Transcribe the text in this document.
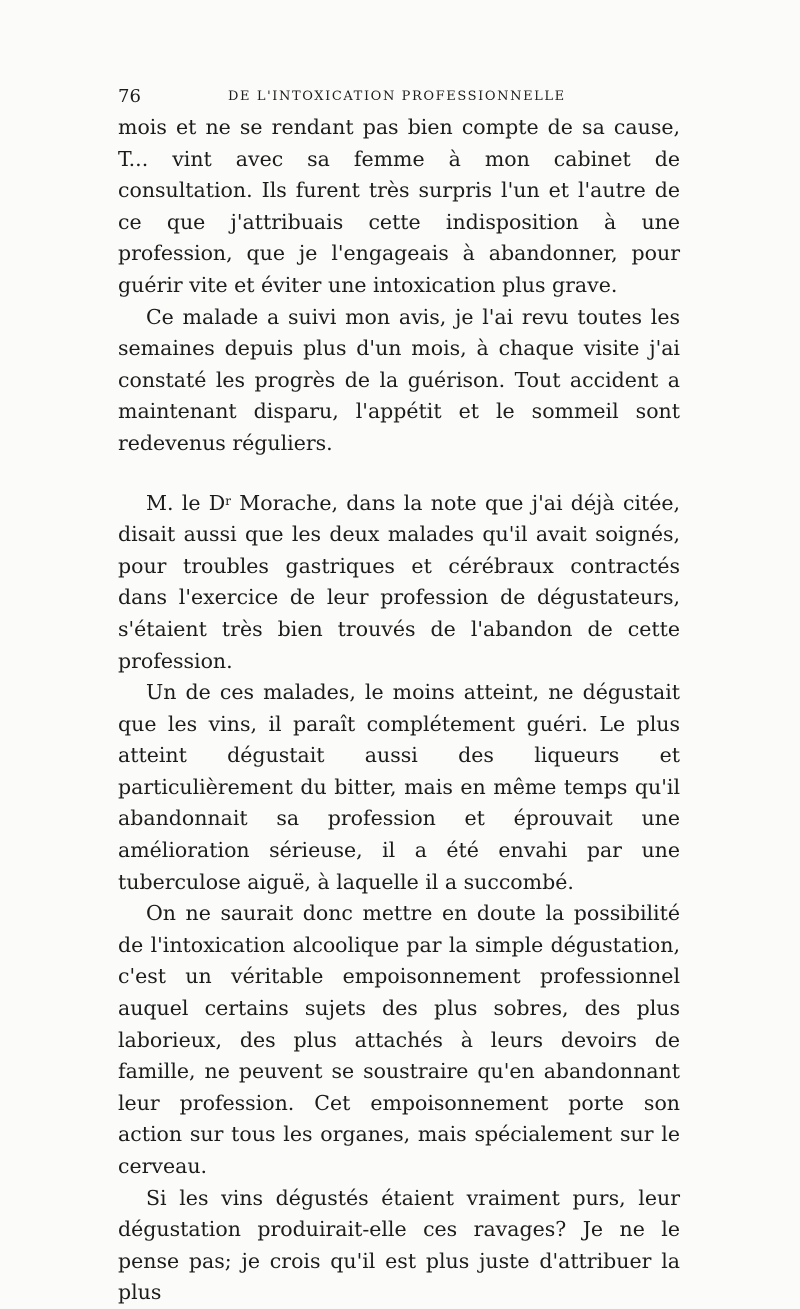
76	DE L'INTOXICATION PROFESSIONNELLE

mois et ne se rendant pas bien compte de sa cause, T... vint avec sa femme à mon cabinet de consultation. Ils furent très surpris l'un et l'autre de ce que j'attribuais cette indisposition à une profession, que je l'engageais à abandonner, pour guérir vite et éviter une intoxication plus grave.

Ce malade a suivi mon avis, je l'ai revu toutes les semaines depuis plus d'un mois, à chaque visite j'ai constaté les progrès de la guérison. Tout accident a maintenant disparu, l'appétit et le sommeil sont redevenus réguliers.

M. le $D^r$ Morache, dans la note que j'ai déjà citée, disait aussi que les deux malades qu'il avait soignés, pour troubles gastriques et cérébraux contractés dans l'exercice de leur profession de dégustateurs, s'étaient très bien trouvés de l'abandon de cette profession.

Un de ces malades, le moins atteint, ne dégustait que les vins, il paraît complétement guéri. Le plus atteint dégustait aussi des liqueurs et particulièrement du bitter, mais en même temps qu'il abandonnait sa profession et éprouvait une amélioration sérieuse, il a été envahi par une tuberculose aiguë, à laquelle il a succombé.

On ne saurait donc mettre en doute la possibilité de l'intoxication alcoolique par la simple dégustation, c'est un véritable empoisonnement professionnel auquel certains sujets des plus sobres, des plus laborieux, des plus attachés à leurs devoirs de famille, ne peuvent se soustraire qu'en abandonnant leur profession. Cet empoisonnement porte son action sur tous les organes, mais spécialement sur le cerveau.

Si les vins dégustés étaient vraiment purs, leur dégustation produirait-elle ces ravages? Je ne le pense pas; je crois qu'il est plus juste d'attribuer la plus
